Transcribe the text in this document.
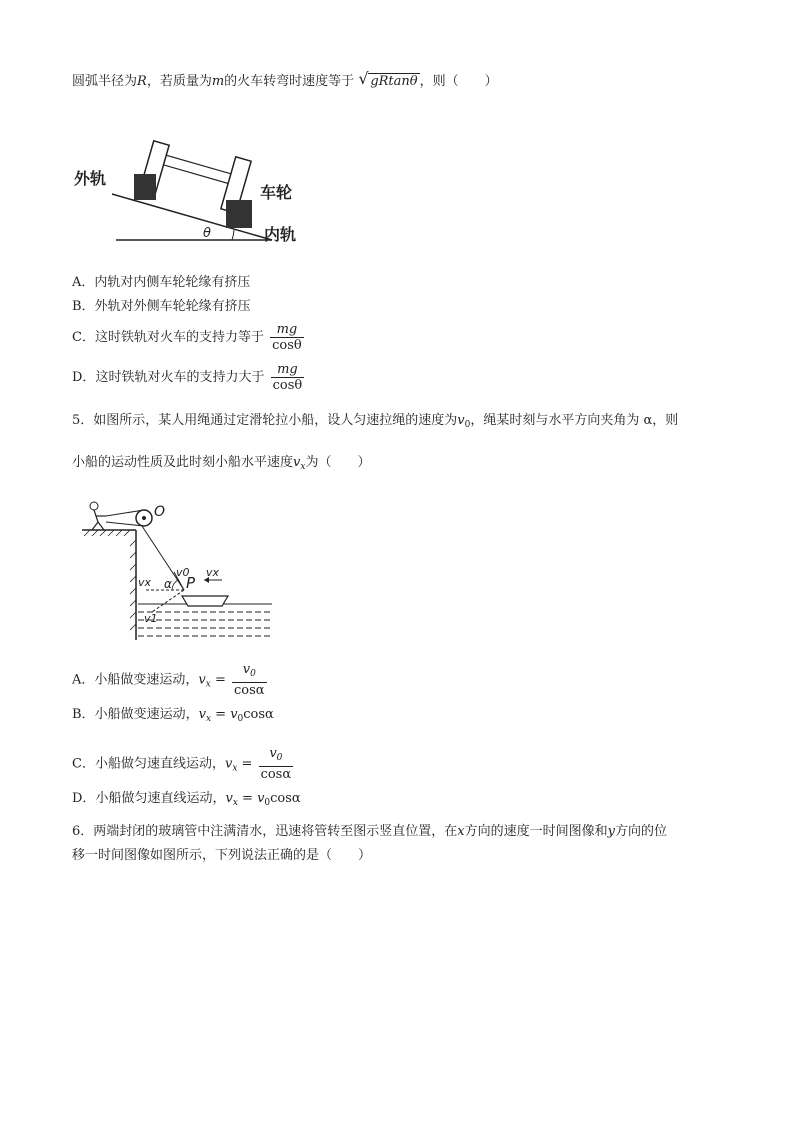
圆弧半径为R，若质量为m的火车转弯时速度等于 √ gRtanθ ，则（　　）
外轨
车轮
内轨
θ
A．内轨对内侧车轮轮缘有挤压
B．外轨对外侧车轮轮缘有挤压
C．这时铁轨对火车的支持力等于 $\frac{mg}{\cos\theta}$
D．这时铁轨对火车的支持力大于 $\frac{mg}{\cos\theta}$
5．如图所示，某人用绳通过定滑轮拉小船，设人匀速拉绳的速度为$v_0$，绳某时刻与水平方向夹角为 α，则
小船的运动性质及此时刻小船水平速度$v_x$为（　　）
O
v0 vx
vx
v1
α P
A．小船做变速运动，$v_x = \frac{v_0}{\cos\alpha}$
B．小船做变速运动，$v_x = v_0\cos\alpha$
C．小船做匀速直线运动，$v_x = \frac{v_0}{\cos\alpha}$
D．小船做匀速直线运动，$v_x = v_0\cos\alpha$
6．两端封闭的玻璃管中注满清水，迅速将管转至图示竖直位置，在x方向的速度一时间图像和y方向的位
移一时间图像如图所示，下列说法正确的是（　　）
